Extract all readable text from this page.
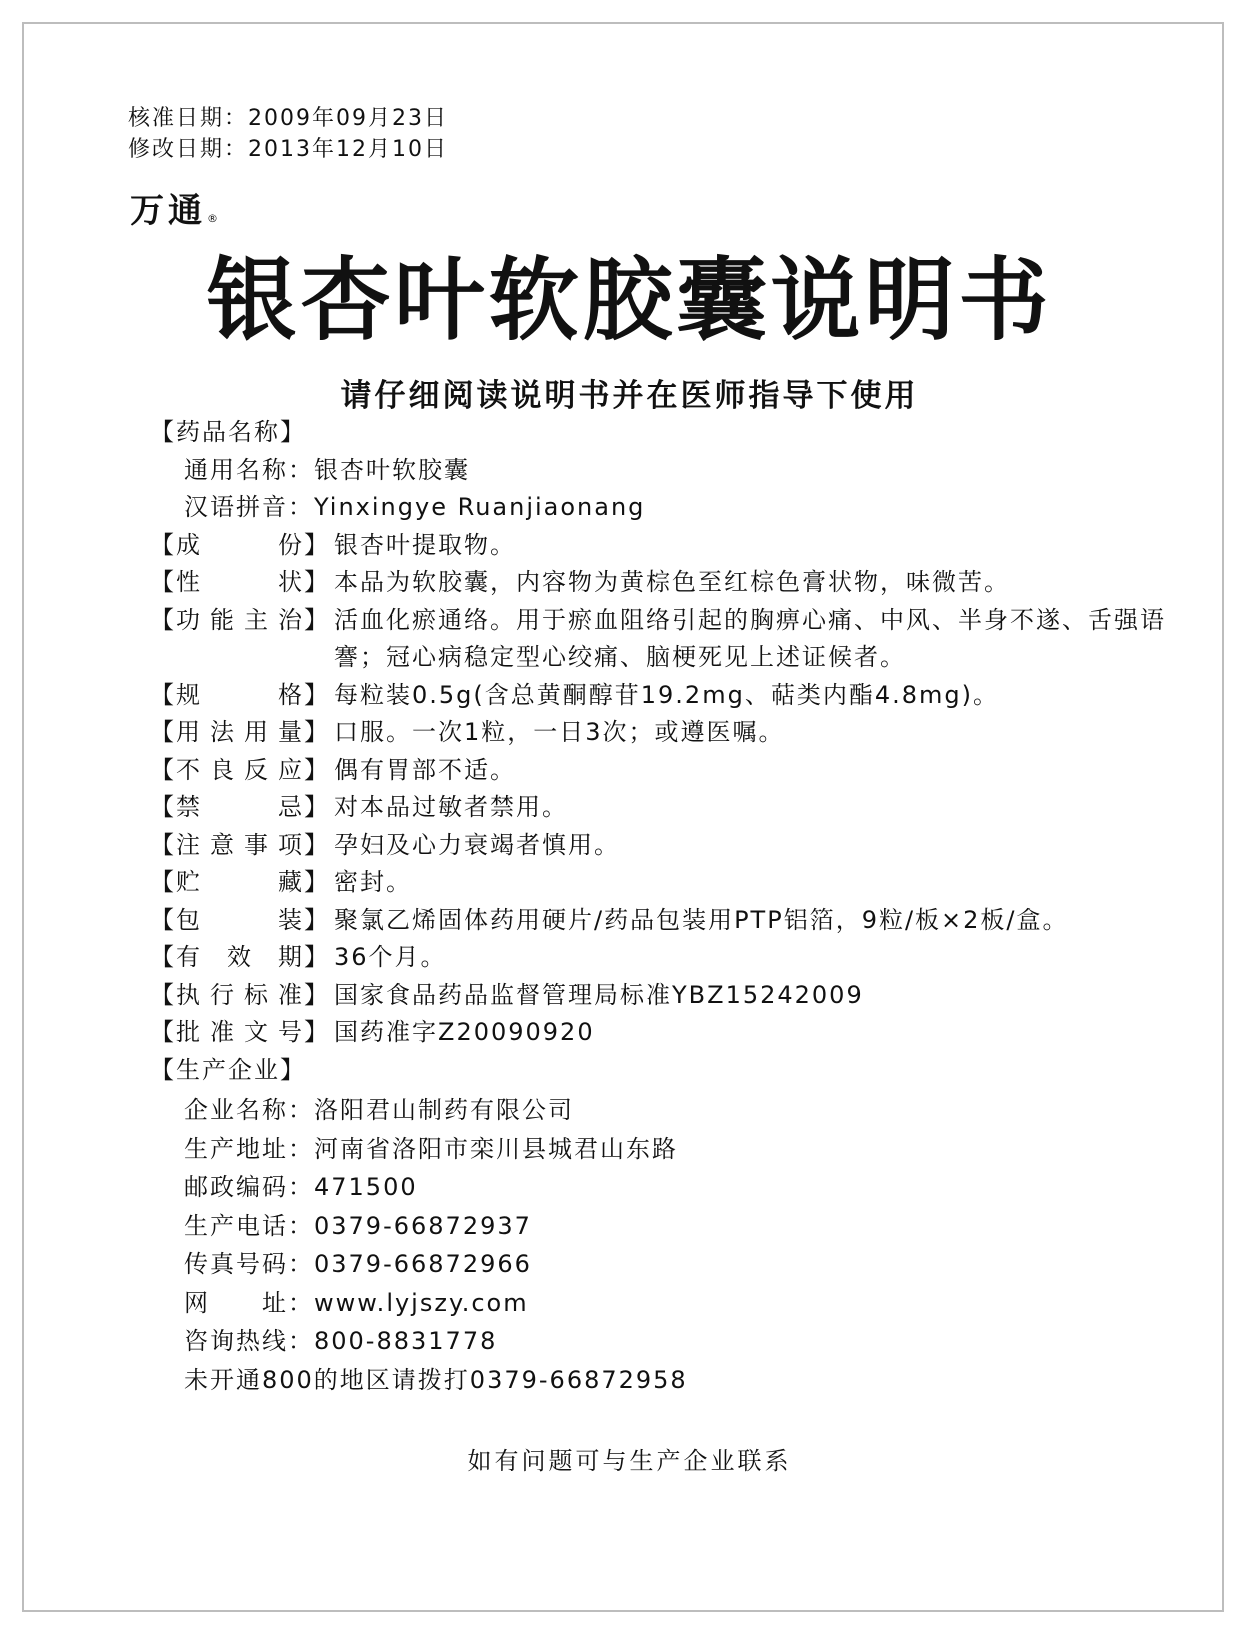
核准日期：2009年09月23日
修改日期：2013年12月10日
万通®
银杏叶软胶囊说明书
请仔细阅读说明书并在医师指导下使用
【 药品名称 】
通用名称： 银杏叶软胶囊
汉语拼音： Yinxingye Ruanjiaonang
【 成	份 】 银杏叶提取物。
【 性	状 】 本品为软胶囊，内容物为黄棕色至红棕色膏状物，味微苦。
【 功 能 主 治 】 活血化瘀通络。用于瘀血阻络引起的胸痹心痛、中风、半身不遂、舌强语謇；冠心病稳定型心绞痛、脑梗死见上述证候者。
【 规	格 】 每粒装0.5g(含总黄酮醇苷19.2mg、萜类内酯4.8mg)。
【 用 法 用 量 】 口服。一次1粒，一日3次；或遵医嘱。
【 不 良 反 应 】 偶有胃部不适。
【 禁	忌 】 对本品过敏者禁用。
【 注 意 事 项 】 孕妇及心力衰竭者慎用。
【 贮	藏 】 密封。
【 包	装 】 聚氯乙烯固体药用硬片/药品包装用PTP铝箔，9粒/板×2板/盒。
【 有 效 期 】 36个月。
【 执 行 标 准 】 国家食品药品监督管理局标准YBZ15242009
【 批 准 文 号 】 国药准字Z20090920
【 生产企业 】
企业名称： 洛阳君山制药有限公司
生产地址： 河南省洛阳市栾川县城君山东路
邮政编码： 471500
生产电话： 0379-66872937
传真号码： 0379-66872966
网　　址： www.lyjszy.com
咨询热线： 800-8831778
未开通800的地区请拨打0379-66872958
如有问题可与生产企业联系
